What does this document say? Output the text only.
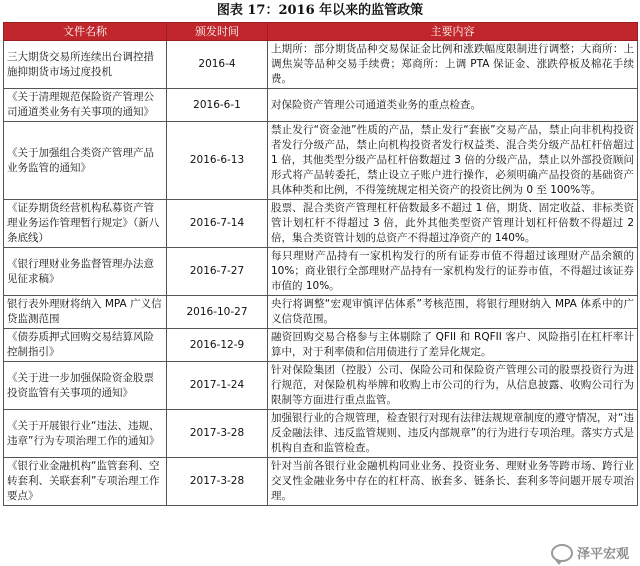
图表 17：2016 年以来的监管政策
文件名称	颁发时间	主要内容
三大期货交易所连续出台调控措施抑期货市场过度投机	2016-4	上期所：部分期货品种交易保证金比例和涨跌幅度限制进行调整；大商所：上调焦炭等品种交易手续费；郑商所：上调 PTA 保证金、涨跌停板及棉花手续费。
《关于清理规范保险资产管理公司通道类业务有关事项的通知》	2016-6-1	对保险资产管理公司通道类业务的重点检查。
《关于加强组合类资产管理产品业务监管的通知》	2016-6-13	禁止发行“资金池”性质的产品，禁止发行“套嵌”交易产品，禁止向非机构投资者发行分级产品，禁止向机构投资者发行权益类、混合类分级产品杠杆倍超过 1 倍，其他类型分级产品杠杆倍数超过 3 倍的分级产品，禁止以外部投资顾问形式将产品转委托，禁止设立子账户进行操作，必须明确产品投资的基础资产具体种类和比例，不得笼统规定相关资产的投资比例为 0 至 100%等。
《证券期货经营机构私募资产管理业务运作管理暂行规定》（新八条底线）	2016-7-14	股票、混合类资产管理杠杆倍数最多不超过 1 倍，期货、固定收益、非标类资管计划杠杆不得超过 3 倍，此外其他类型资产管理计划杠杆倍数不得超过 2 倍，集合类资管计划的总资产不得超过净资产的 140%。
《银行理财业务监督管理办法意见征求稿》	2016-7-27	每只理财产品持有一家机构发行的所有证券市值不得超过该理财产品余额的 10%；商业银行全部理财产品持有一家机构发行的证券市值，不得超过该证券市值的 10%。
银行表外理财将纳入 MPA 广义信贷监测范围	2016-10-27	央行将调整“宏观审慎评估体系”考核范围，将银行理财纳入 MPA 体系中的广义信贷范围。
《债券质押式回购交易结算风险控制指引》	2016-12-9	融资回购交易合格参与主体剔除了 QFII 和 RQFII 客户、风险指引在杠杆率计算中，对于利率债和信用债进行了差异化规定。
《关于进一步加强保险资金股票投资监管有关事项的通知》	2017-1-24	针对保险集团（控股）公司、保险公司和保险资产管理公司的股票投资行为进行规范，对保险机构举牌和收购上市公司的行为，从信息披露、收购公司行为限制等方面进行重点监管。
《关于开展银行业“违法、违规、违章”行为专项治理工作的通知》	2017-3-28	加强银行业的合规管理，检查银行对现有法律法规规章制度的遵守情况，对“违反金融法律、违反监管规则、违反内部规章”的行为进行专项治理。落实方式是机构自查和监管检查。
《银行业金融机构“监管套利、空转套利、关联套利”专项治理工作要点》	2017-3-28	针对当前各银行业金融机构同业业务、投资业务、理财业务等跨市场、跨行业交叉性金融业务中存在的杠杆高、嵌套多、链条长、套利多等问题开展专项治理。
泽平宏观
